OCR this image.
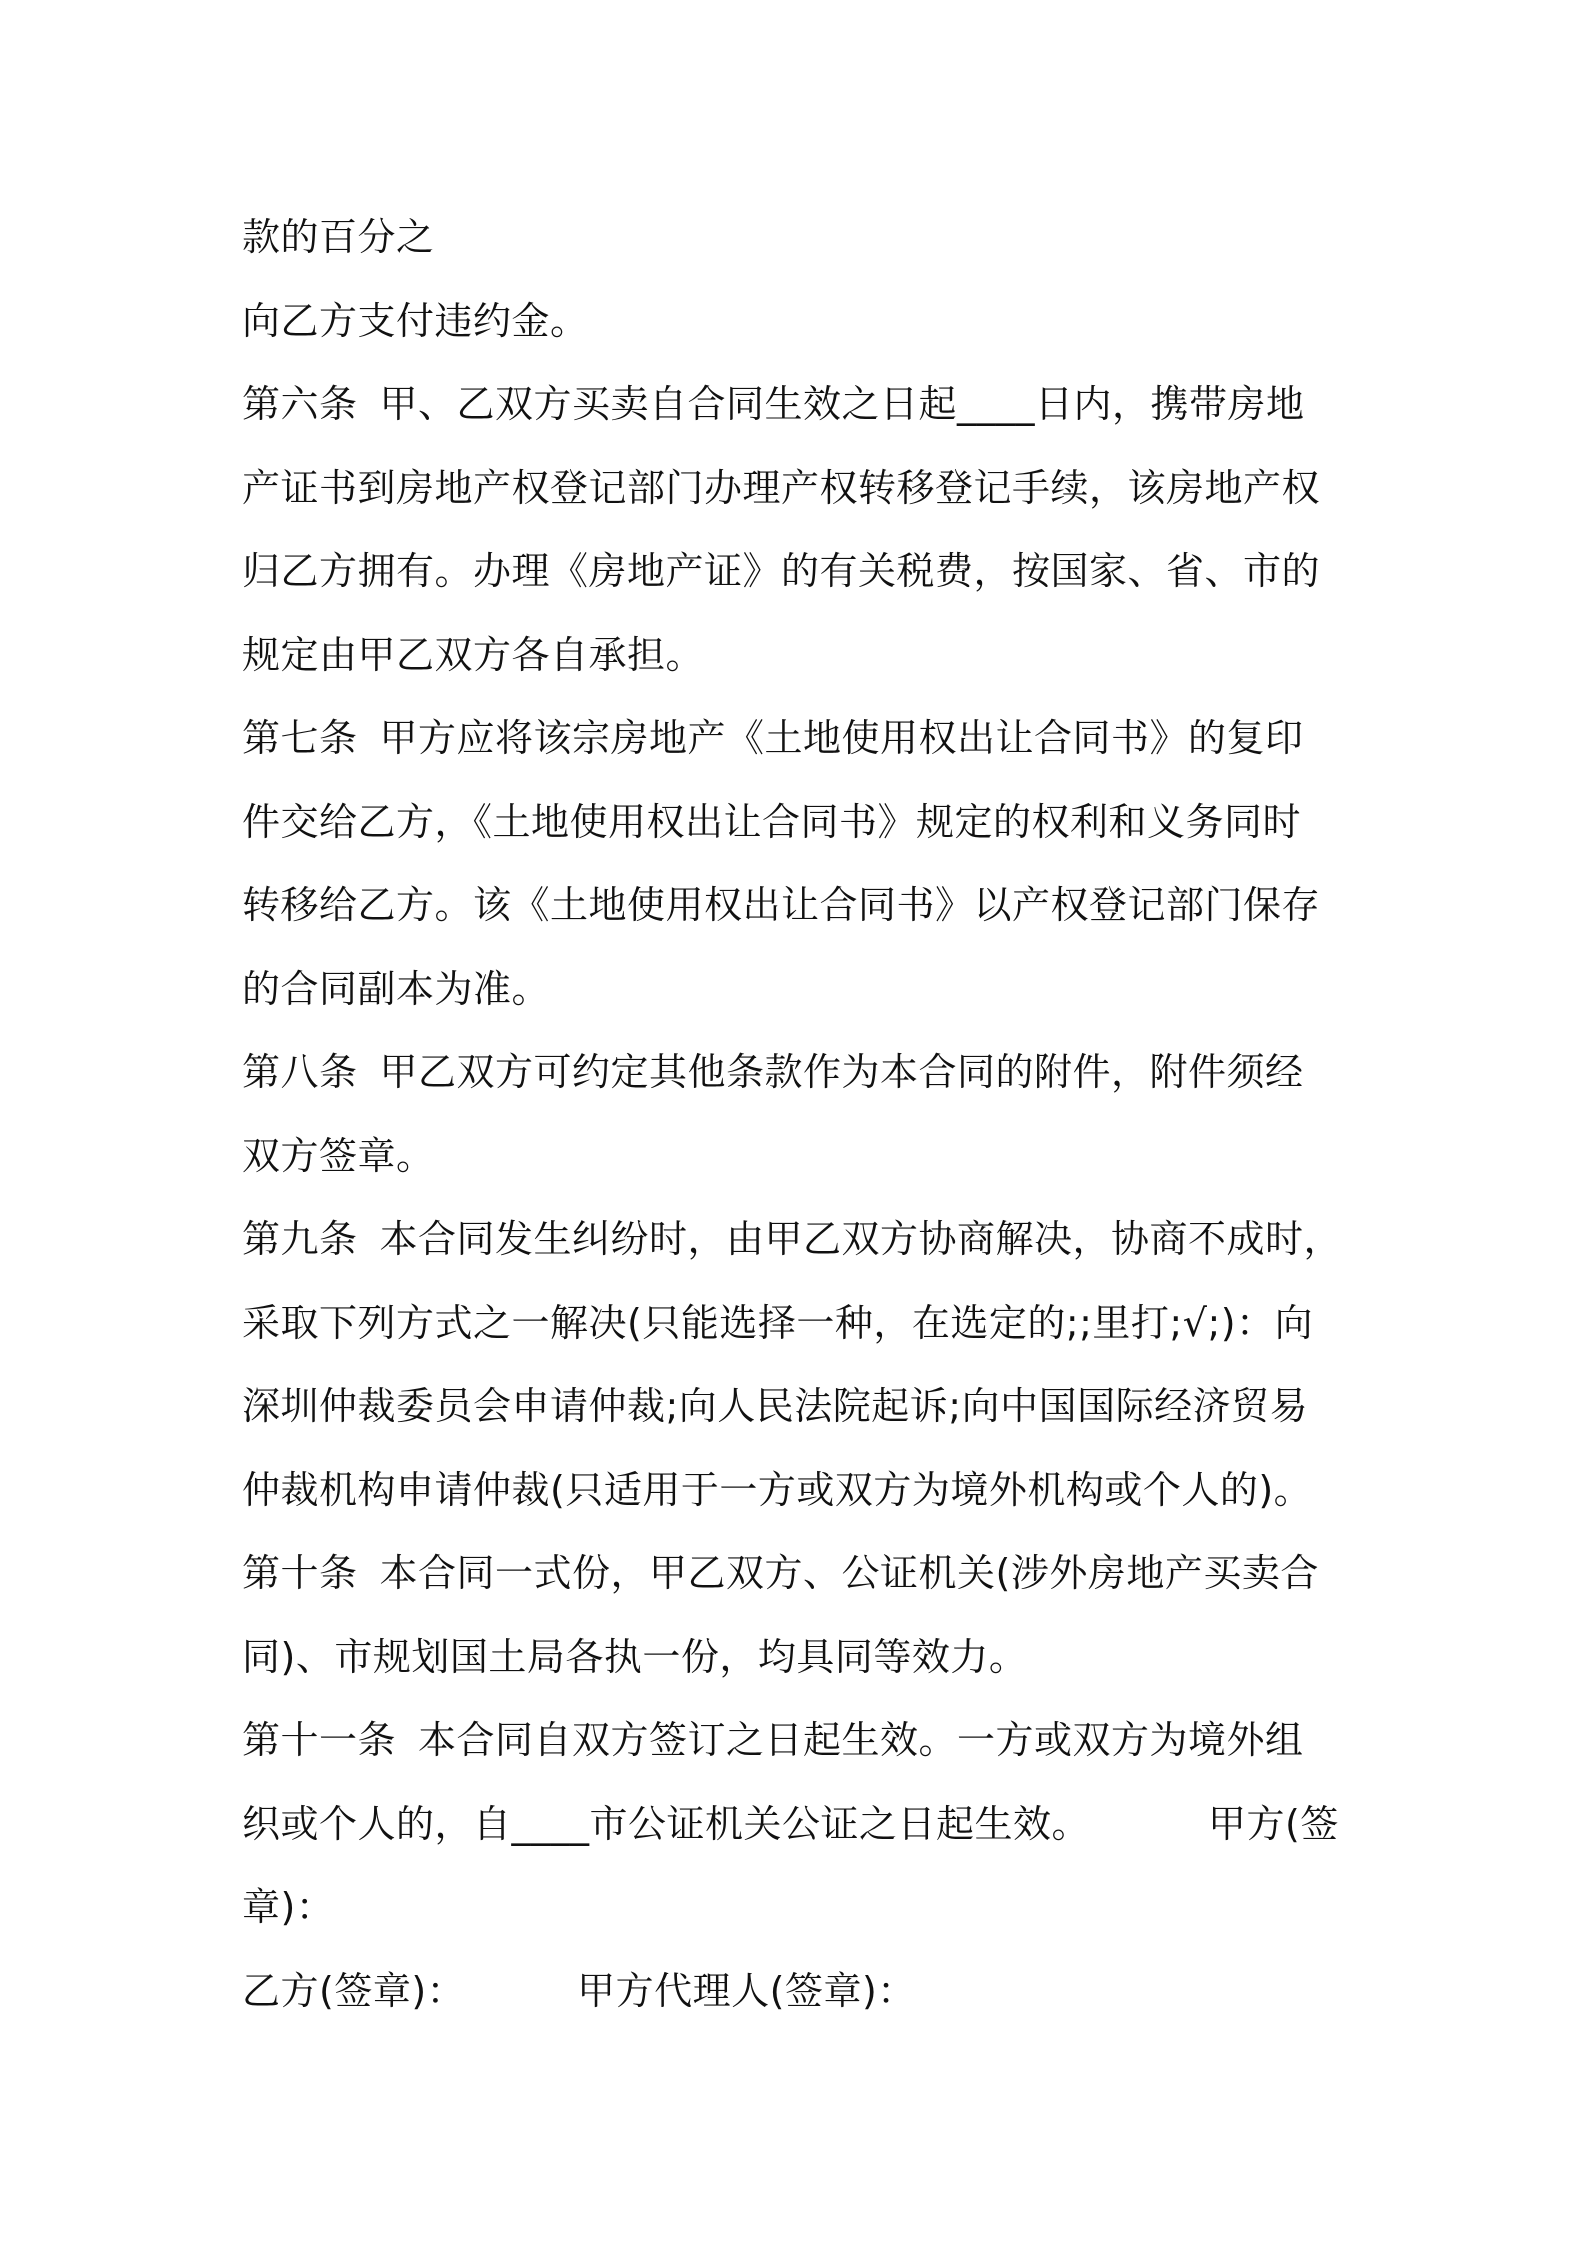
款的百分之
向乙方支付违约金。
第六条 甲、乙双方买卖自合同生效之日起____日内，携带房地
产证书到房地产权登记部门办理产权转移登记手续，该房地产权
归乙方拥有。办理《房地产证》的有关税费，按国家、省、市的
规定由甲乙双方各自承担。
第七条 甲方应将该宗房地产《土地使用权出让合同书》的复印
件交给乙方，《土地使用权出让合同书》规定的权利和义务同时
转移给乙方。该《土地使用权出让合同书》以产权登记部门保存
的合同副本为准。
第八条 甲乙双方可约定其他条款作为本合同的附件，附件须经
双方签章。
第九条 本合同发生纠纷时，由甲乙双方协商解决，协商不成时，
采取下列方式之一解决(只能选择一种，在选定的;;里打;√;)：向
深圳仲裁委员会申请仲裁;向人民法院起诉;向中国国际经济贸易
仲裁机构申请仲裁(只适用于一方或双方为境外机构或个人的)。
第十条 本合同一式份，甲乙双方、公证机关(涉外房地产买卖合
同)、市规划国土局各执一份，均具同等效力。
第十一条 本合同自双方签订之日起生效。一方或双方为境外组
织或个人的，自____市公证机关公证之日起生效。	甲方(签
章)：
乙方(签章)：	甲方代理人(签章)：
